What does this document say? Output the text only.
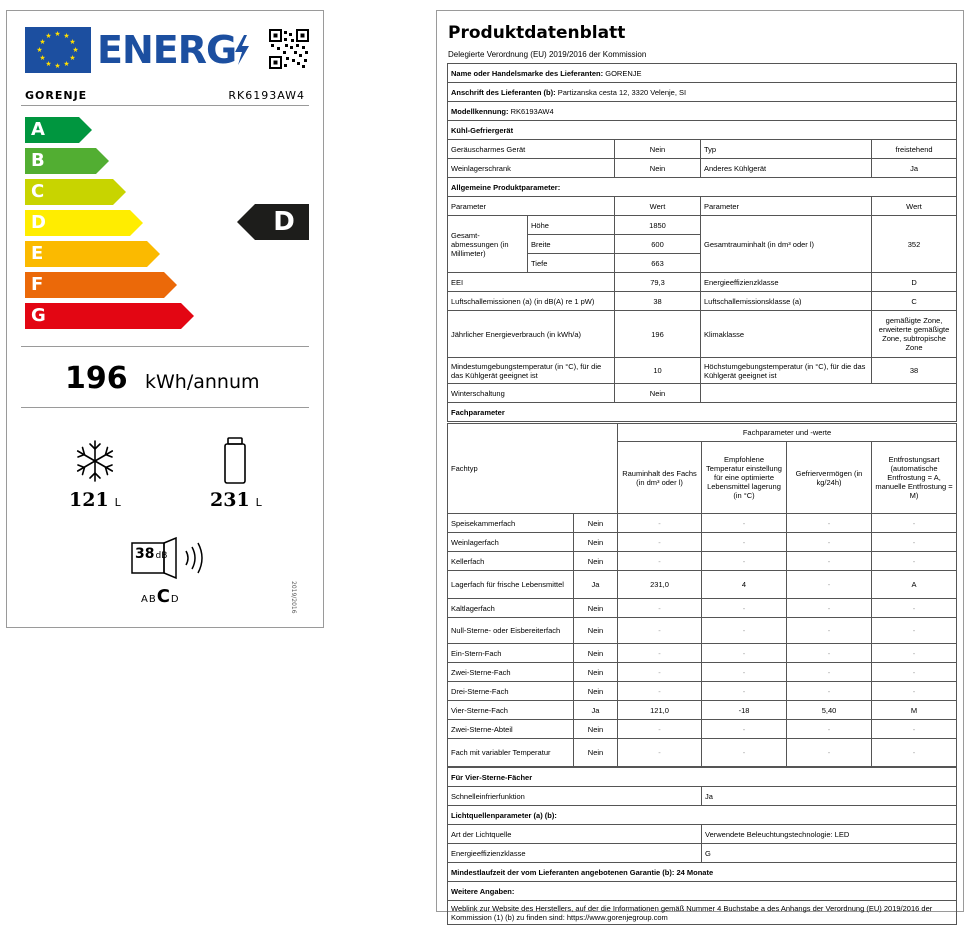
★ ★
★
★
★
★
★
★
★
★
★
★ ENERG
GORENJE	RK6193AW4
A
B
C
D
E
F
G
D
196 kWh/annum
121 L	231 L
38dB
ABCD	2019/2016
Produktdatenblatt
Delegierte Verordnung (EU) 2019/2016 der Kommission
Name oder Handelsmarke des Lieferanten: GORENJE				
Anschrift des Lieferanten (b): Partizanska cesta 12, 3320 Velenje, SI				
Modellkennung: RK6193AW4				
Kühl-Gefriergerät				
Geräuscharmes Gerät		Nein	Typ	freistehend
Weinlagerschrank		Nein	Anderes Kühlgerät	Ja
Allgemeine Produktparameter:				
Parameter		Wert	Parameter	Wert
Gesamt-abmessungen (in Millimeter)	Höhe	1850	Gesamtrauminhalt (in dm³ oder l)	352
	Breite	600		
	Tiefe	663		
EEI		79,3	Energieeffizienzklasse	D
Luftschallemissionen (a) (in dB(A) re 1 pW)		38	Luftschallemissionsklasse (a)	C
Jährlicher Energieverbrauch (in kWh/a)		196	Klimaklasse	gemäßigte Zone, erweiterte gemäßigte Zone, subtropische Zone
Mindestumgebungstemperatur (in °C), für die das Kühlgerät geeignet ist		10	Höchstumgebungstemperatur (in °C), für die das Kühlgerät geeignet ist	38
Winterschaltung		Nein		
Fachparameter				
Fachtyp		Fachparameter und -werte			
		Rauminhalt des Fachs (in dm³ oder l)	Empfohlene Temperatur einstellung für eine optimierte Lebensmittel lagerung (in °C)	Gefriervermögen (in kg/24h)	Entfrostungsart (automatische Entfrostung = A, manuelle Entfrostung = M)
Speisekammerfach	Nein	-	-	-	-
Weinlagerfach	Nein	-	-	-	-
Kellerfach	Nein	-	-	-	-
Lagerfach für frische Lebensmittel	Ja	231,0	4	-	A
Kaltlagerfach	Nein	-	-	-	-
Null-Sterne- oder Eisbereiterfach	Nein	-	-	-	-
Ein-Stern-Fach	Nein	-	-	-	-
Zwei-Sterne-Fach	Nein	-	-	-	-
Drei-Sterne-Fach	Nein	-	-	-	-
Vier-Sterne-Fach	Ja	121,0	-18	5,40	M
Zwei-Sterne-Abteil	Nein	-	-	-	-
Fach mit variabler Temperatur	Nein	-	-	-	-
Für Vier-Sterne-Fächer	
Schnelleinfrierfunktion	Ja
Lichtquellenparameter (a) (b):	
Art der Lichtquelle	Verwendete Beleuchtungstechnologie: LED
Energieeffizienzklasse	G
Mindestlaufzeit der vom Lieferanten angebotenen Garantie (b): 24 Monate	
Weitere Angaben:	
Weblink zur Website des Herstellers, auf der die Informationen gemäß Nummer 4 Buchstabe a des Anhangs der Verordnung (EU) 2019/2016 der Kommission (1) (b) zu finden sind: https://www.gorenjegroup.com	
